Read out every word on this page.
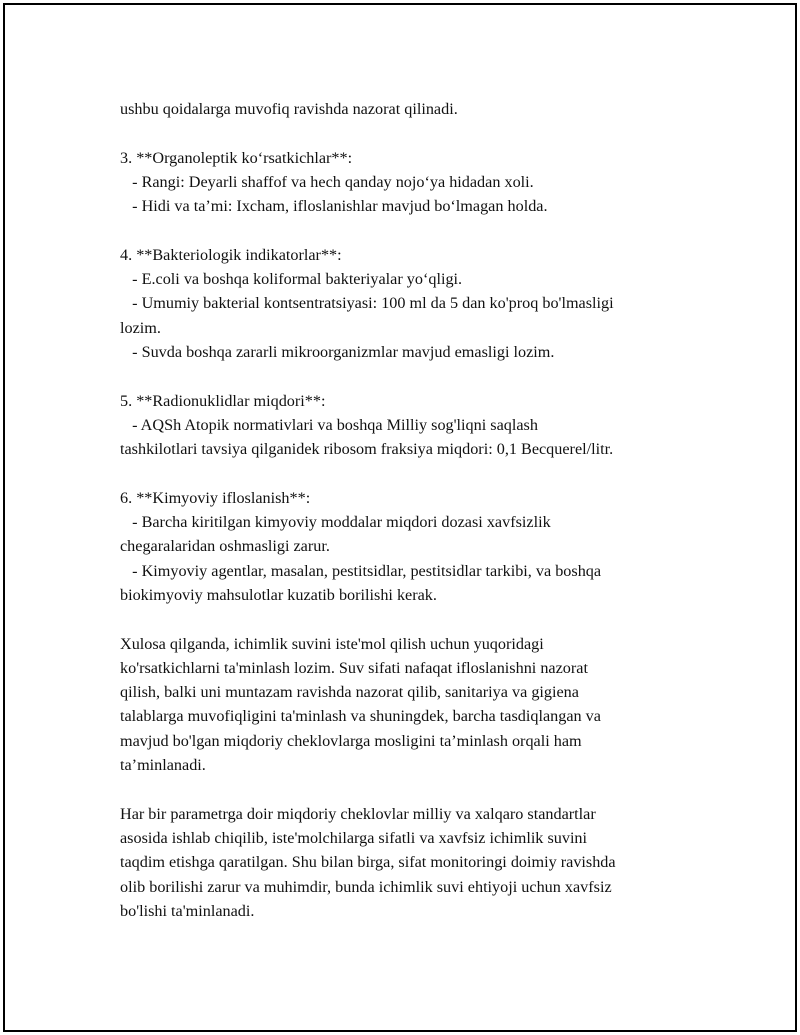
ushbu qoidalarga muvofiq ravishda nazorat qilinadi.

3. **Organoleptik koʻrsatkichlar**:

- Rangi: Deyarli shaffof va hech qanday nojoʻya hidadan xoli.

- Hidi va taʼmi: Ixcham, ifloslanishlar mavjud boʻlmagan holda.

4. **Bakteriologik indikatorlar**:

- E.coli va boshqa koliformal bakteriyalar yoʻqligi.

- Umumiy bakterial kontsentratsiyasi: 100 ml da 5 dan ko'proq bo'lmasligi

lozim.

- Suvda boshqa zararli mikroorganizmlar mavjud emasligi lozim.

5. **Radionuklidlar miqdori**:

- AQSh Atopik normativlari va boshqa Milliy sog'liqni saqlash

tashkilotlari tavsiya qilganidek ribosom fraksiya miqdori: 0,1 Becquerel/litr.

6. **Kimyoviy ifloslanish**:

- Barcha kiritilgan kimyoviy moddalar miqdori dozasi xavfsizlik

chegaralaridan oshmasligi zarur.

- Kimyoviy agentlar, masalan, pestitsidlar, pestitsidlar tarkibi, va boshqa

biokimyoviy mahsulotlar kuzatib borilishi kerak.

Xulosa qilganda, ichimlik suvini iste'mol qilish uchun yuqoridagi

ko'rsatkichlarni ta'minlash lozim. Suv sifati nafaqat ifloslanishni nazorat

qilish, balki uni muntazam ravishda nazorat qilib, sanitariya va gigiena

talablarga muvofiqligini ta'minlash va shuningdek, barcha tasdiqlangan va

mavjud bo'lgan miqdoriy cheklovlarga mosligini taʼminlash orqali ham

taʼminlanadi.

Har bir parametrga doir miqdoriy cheklovlar milliy va xalqaro standartlar

asosida ishlab chiqilib, iste'molchilarga sifatli va xavfsiz ichimlik suvini

taqdim etishga qaratilgan. Shu bilan birga, sifat monitoringi doimiy ravishda

olib borilishi zarur va muhimdir, bunda ichimlik suvi ehtiyoji uchun xavfsiz

bo'lishi ta'minlanadi.
